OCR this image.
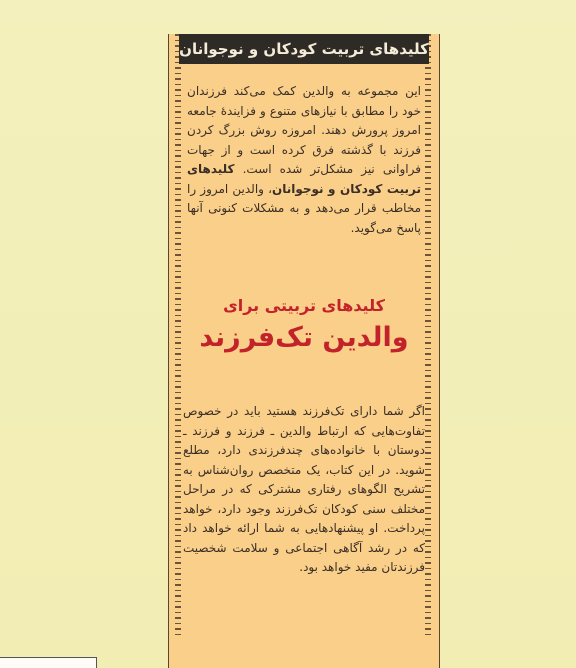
کلیدهای تربیت کودکان و نوجوانان
این مجموعه به والدین کمک می‌کند فرزندان خود را مطابق با نیازهای متنوع و فزایندهٔ جامعه امروز پرورش دهند. امروزه روش بزرگ کردن فرزند با گذشته فرق کرده است و از جهات فراوانی نیز مشکل‌تر شده است. کلیدهای تربیت کودکان و نوجوانان، والدین امروز را مخاطب قرار می‌دهد و به مشکلات کنونی آنها پاسخ می‌گوید.
کلیدهای تربیتی برای
والدین تک‌فرزند
اگر شما دارای تک‌فرزند هستید باید در خصوص تفاوت‌هایی که ارتباط والدین ـ فرزند و فرزند ـ دوستان با خانواده‌های چندفرزندی دارد، مطلع شوید. در این کتاب، یک متخصص روان‌شناس به تشریح الگوهای رفتاری مشترکی که در مراحل مختلف سنی کودکان تک‌فرزند وجود دارد، خواهد پرداخت. او پیشنهادهایی به شما ارائه خواهد داد که در رشد آگاهی اجتماعی و سلامت شخصیت فرزندتان مفید خواهد بود.
